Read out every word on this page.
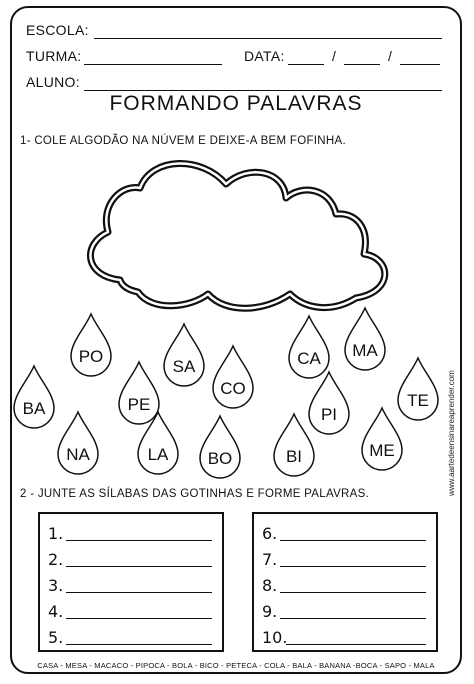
ESCOLA:
TURMA:	DATA:	/	/
ALUNO:
FORMANDO PALAVRAS
1- COLE ALGODÃO NA NÚVEM E DEIXE-A BEM FOFINHA.
PO
SA	CA MA
PE
CO
BA	PI
TE
NA	LA BO	BI	ME
2 - JUNTE AS SÍLABAS DAS GOTINHAS E FORME PALAVRAS.
1.
2.
3.
4.
5.
6.
7.
8.
9.
10.
CASA - MESA - MACACO - PIPOCA - BOLA - BICO - PETECA - COLA - BALA - BANANA -BOCA - SAPO - MALA
www.aartedeensinareaprender.com
